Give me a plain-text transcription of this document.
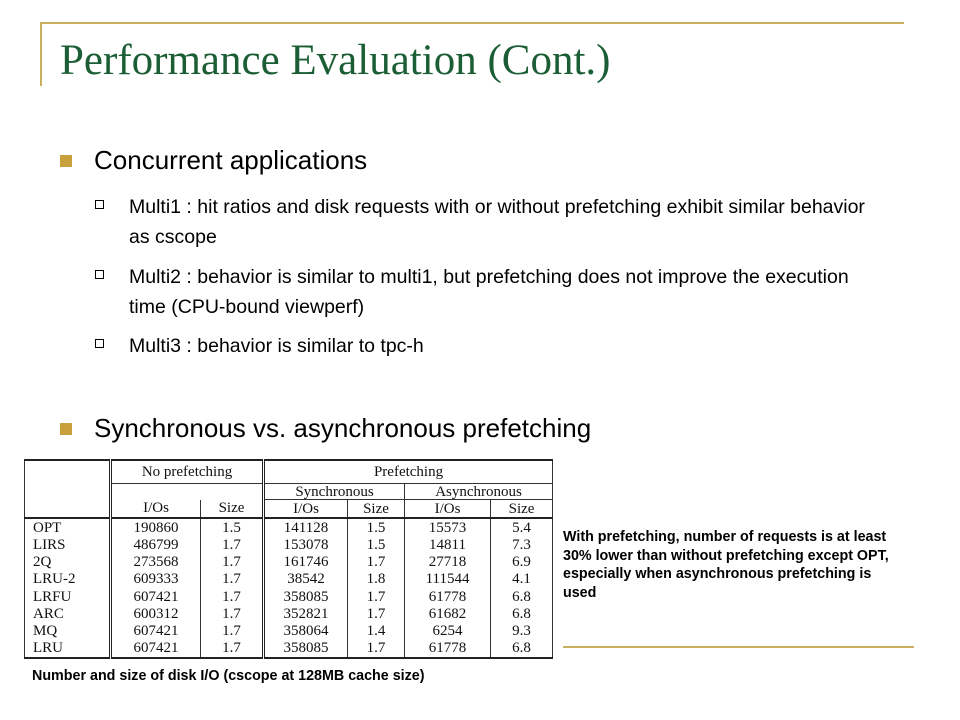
Performance Evaluation (Cont.)
Concurrent applications
Multi1 : hit ratios and disk requests with or without prefetching exhibit similar behavior as cscope
Multi2 : behavior is similar to multi1, but prefetching does not improve the execution time (CPU-bound viewperf)
Multi3 : behavior is similar to tpc-h
Synchronous vs. asynchronous prefetching
	No prefetching		Prefetching			
			Synchronous		Asynchronous	
	I/Os	Size	I/Os	Size	I/Os	Size
OPT	190860	1.5	141128	1.5	15573	5.4
LIRS	486799	1.7	153078	1.5	14811	7.3
2Q	273568	1.7	161746	1.7	27718	6.9
LRU-2	609333	1.7	38542	1.8	111544	4.1
LRFU	607421	1.7	358085	1.7	61778	6.8
ARC	600312	1.7	352821	1.7	61682	6.8
MQ	607421	1.7	358064	1.4	6254	9.3
LRU	607421	1.7	358085	1.7	61778	6.8

With prefetching, number of requests is at least 30% lower than without prefetching except OPT, especially when asynchronous prefetching is used

Number and size of disk I/O (cscope at 128MB cache size)
